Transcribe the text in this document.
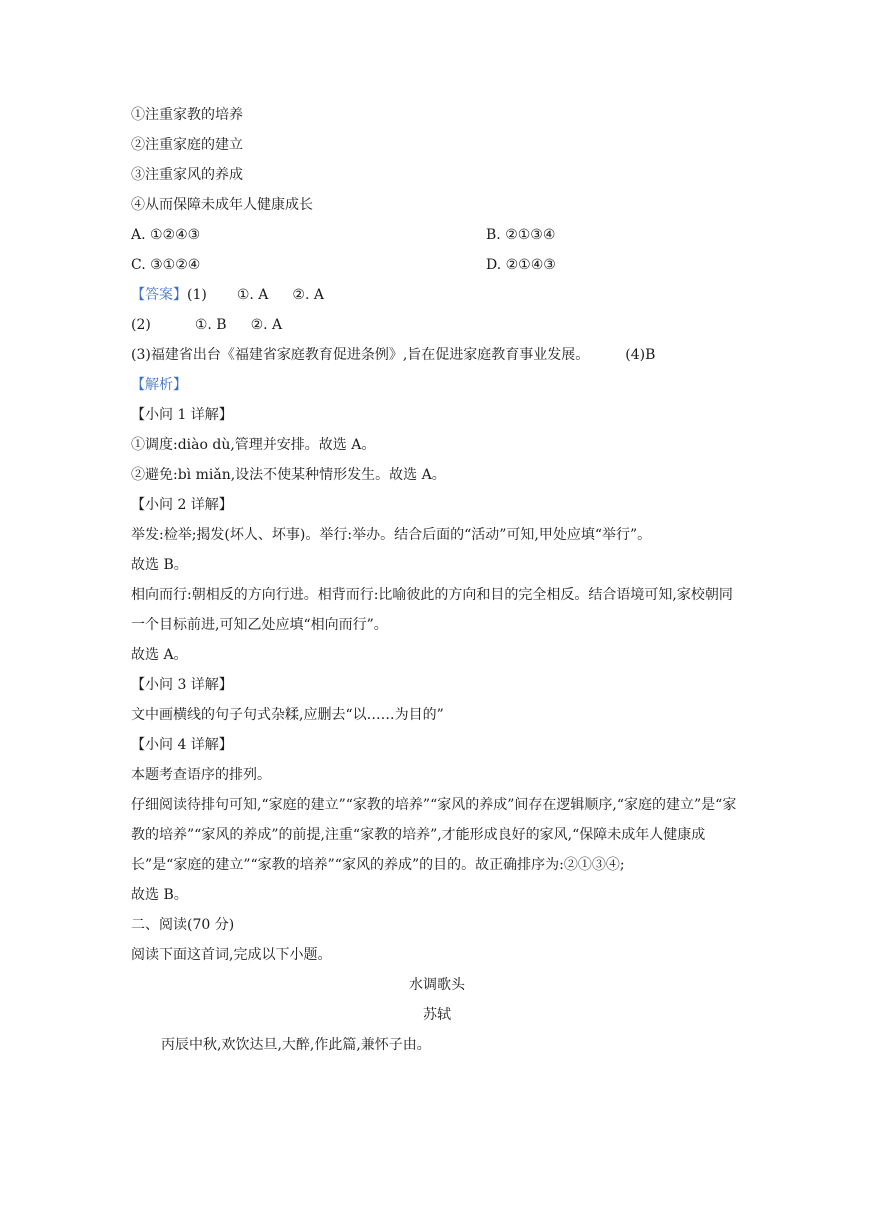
①注重家教的培养
②注重家庭的建立
③注重家风的养成
④从而保障未成年人健康成长
A. ①②④③	B. ②①③④
C. ③①②④	D. ②①④③
【答案】(1) ①. A ②. A
(2)	①. B ②. A
(3)福建省出台《福建省家庭教育促进条例》,旨在促进家庭教育事业发展。	(4)B
【解析】
【小问 1 详解】
①调度:diào dù,管理并安排。故选 A。
②避免:bì miǎn,设法不使某种情形发生。故选 A。
【小问 2 详解】
举发:检举;揭发(坏人、坏事)。举行:举办。结合后面的“活动”可知,甲处应填“举行”。
故选 B。
相向而行:朝相反的方向行进。相背而行:比喻彼此的方向和目的完全相反。结合语境可知,家校朝同一个目标前进,可知乙处应填“相向而行”。
故选 A。
【小问 3 详解】
文中画横线的句子句式杂糅,应删去“以……为目的”
【小问 4 详解】
本题考查语序的排列。
仔细阅读待排句可知,“家庭的建立”“家教的培养”“家风的养成”间存在逻辑顺序,“家庭的建立”是“家教的培养”“家风的养成”的前提,注重“家教的培养”,才能形成良好的家风,“保障未成年人健康成长”是“家庭的建立”“家教的培养”“家风的养成”的目的。故正确排序为:②①③④;
故选 B。
二、阅读(70 分)
阅读下面这首词,完成以下小题。
水调歌头
苏轼
丙辰中秋,欢饮达旦,大醉,作此篇,兼怀子由。
